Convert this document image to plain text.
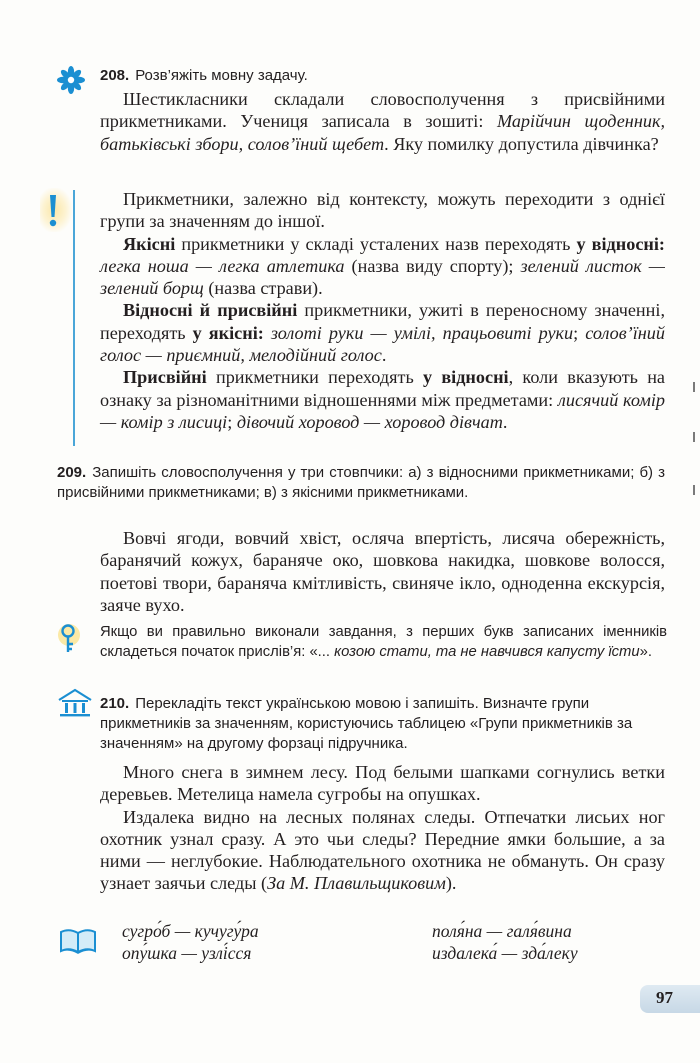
208. Розв’яжіть мовну задачу.
Шестикласники складали словосполучення з присвійними прикметниками. Учениця записала в зошиті: Марійчин щоденник, батьківські збори, солов’їний щебет. Яку помилку допустила дівчинка?
Прикметники, залежно від контексту, можуть переходити з однієї групи за значенням до іншої.
Якісні прикметники у складі усталених назв переходять у відносні: легка ноша — легка атлетика (назва виду спорту); зелений листок — зелений борщ (назва страви).
Відносні й присвійні прикметники, ужиті в переносному значенні, переходять у якісні: золоті руки — умілі, працьовиті руки; солов’їний голос — приємний, мелодійний голос.
Присвійні прикметники переходять у відносні, коли вказують на ознаку за різноманітними відношеннями між предметами: лисячий комір — комір з лисиці; дівочий хоровод — хоровод дівчат.
209. Запишіть словосполучення у три стовпчики: а) з відносними прикметниками; б) з присвійними прикметниками; в) з якісними прикметниками.
Вовчі ягоди, вовчий хвіст, осляча впертість, лисяча обережність, баранячий кожух, бараняче око, шовкова накидка, шовкове волосся, поетові твори, бараняча кмітливість, свиняче ікло, одноденна екскурсія, заяче вухо.
Якщо ви правильно виконали завдання, з перших букв записаних іменників складеться початок прислів’я: «... козою стати, та не навчився капусту їсти».
210. Перекладіть текст українською мовою і запишіть. Визначте групи прикметників за значенням, користуючись таблицею «Групи прикметників за значенням» на другому форзаці підручника.
Много снега в зимнем лесу. Под белыми шапками согнулись ветки деревьев. Метелица намела сугробы на опушках.
Издалека видно на лесных полянах следы. Отпечатки лисьих ног охотник узнал сразу. А это чьи следы? Передние ямки большие, а за ними — неглубокие. Наблюдательного охотника не обмануть. Он сразу узнает заячьи следы (За М. Плавильщиковим).
сугро́б — кучугу́ра
опу́шка — узлі́сся
поля́на — галя́вина
издалека́ — зда́леку
97
